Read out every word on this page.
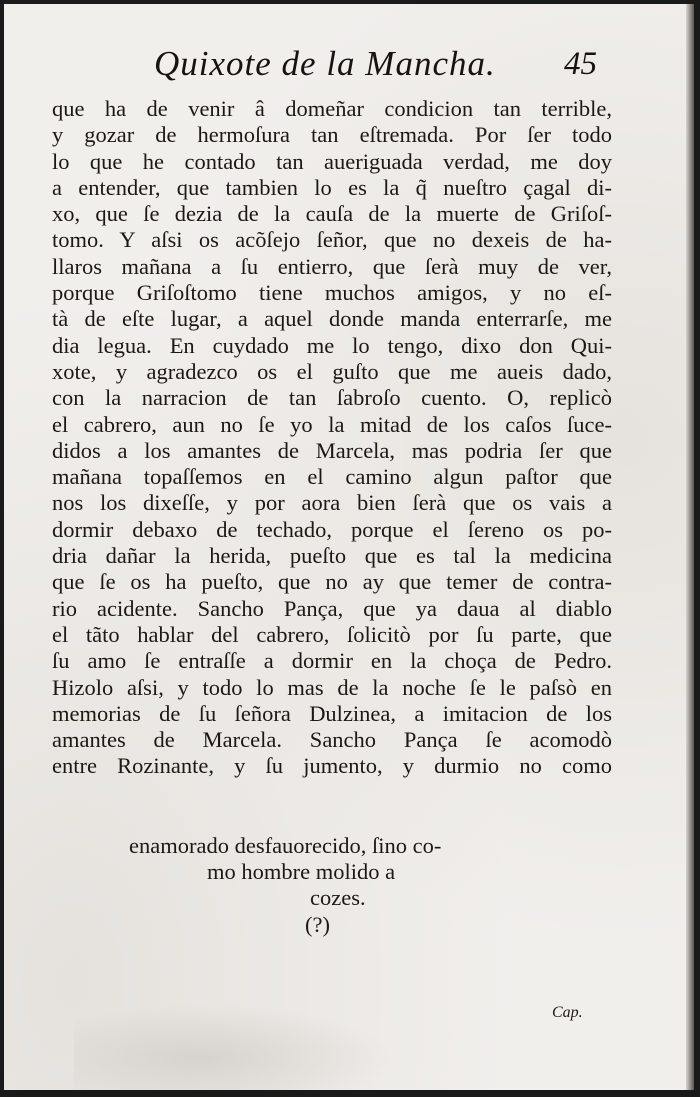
Quixote de la Mancha. 45
que ha de venir â domeñar condicion tan terrible,
y gozar de hermoſura tan eſtremada. Por ſer todo
lo que he contado tan aueriguada verdad, me doy
a entender, que tambien lo es la q̃ nueſtro çagal di-
xo, que ſe dezia de la cauſa de la muerte de Griſoſ-
tomo. Y aſsi os acõſejo ſeñor, que no dexeis de ha-
llaros mañana a ſu entierro, que ſerà muy de ver,
porque Griſoſtomo tiene muchos amigos, y no eſ-
tà de eſte lugar, a aquel donde manda enterrarſe, me
dia legua. En cuydado me lo tengo, dixo don Qui-
xote, y agradezco os el guſto que me aueis dado,
con la narracion de tan ſabroſo cuento. O, replicò
el cabrero, aun no ſe yo la mitad de los caſos ſuce-
didos a los amantes de Marcela, mas podria ſer que
mañana topaſſemos en el camino algun paſtor que
nos los dixeſſe, y por aora bien ſerà que os vais a
dormir debaxo de techado, porque el ſereno os po-
dria dañar la herida, pueſto que es tal la medicina
que ſe os ha pueſto, que no ay que temer de contra-
rio acidente. Sancho Pança, que ya daua al diablo
el tãto hablar del cabrero, ſolicitò por ſu parte, que
ſu amo ſe entraſſe a dormir en la choça de Pedro.
Hizolo aſsi, y todo lo mas de la noche ſe le paſsò en
memorias de ſu ſeñora Dulzinea, a imitacion de los
amantes de Marcela. Sancho Pança ſe acomodò
entre Rozinante, y ſu jumento, y durmio no como
enamorado desfauorecido, ſino co-
mo hombre molido a
cozes.
(?)
Cap.
